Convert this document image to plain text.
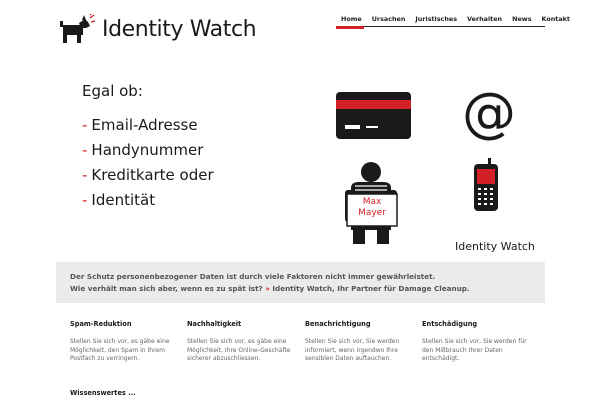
Identity Watch	Home	Ursachen	Juristisches	Verhalten	News	Kontakt
Egal ob:
- Email-Adresse
- Handynummer
- Kreditkarte oder
- Identität
@
Max
Mayer
Identity Watch
Der Schutz personenbezogener Daten ist durch viele Faktoren nicht immer gewährleistet.
Wie verhält man sich aber, wenn es zu spät ist? » Identity Watch, Ihr Partner für Damage Cleanup.
Spam-Reduktion
Stellen Sie sich vor, es gäbe eine Möglichkeit, den Spam in Ihrem Postfach zu verringern.
Nachhaltigkeit
Stellen Sie sich vor, es gäbe eine Möglichkeit, Ihre Online-Geschäfte sicherer abzuschliessen.
Benachrichtigung
Stellen Sie sich vor, Sie werden informiert, wenn irgendwo Ihre sensiblen Daten auftauchen.
Entschädigung
Stellen Sie sich vor, Sie werden für den Mißbrauch Ihrer Daten entschädigt.
Wissenswertes ...
